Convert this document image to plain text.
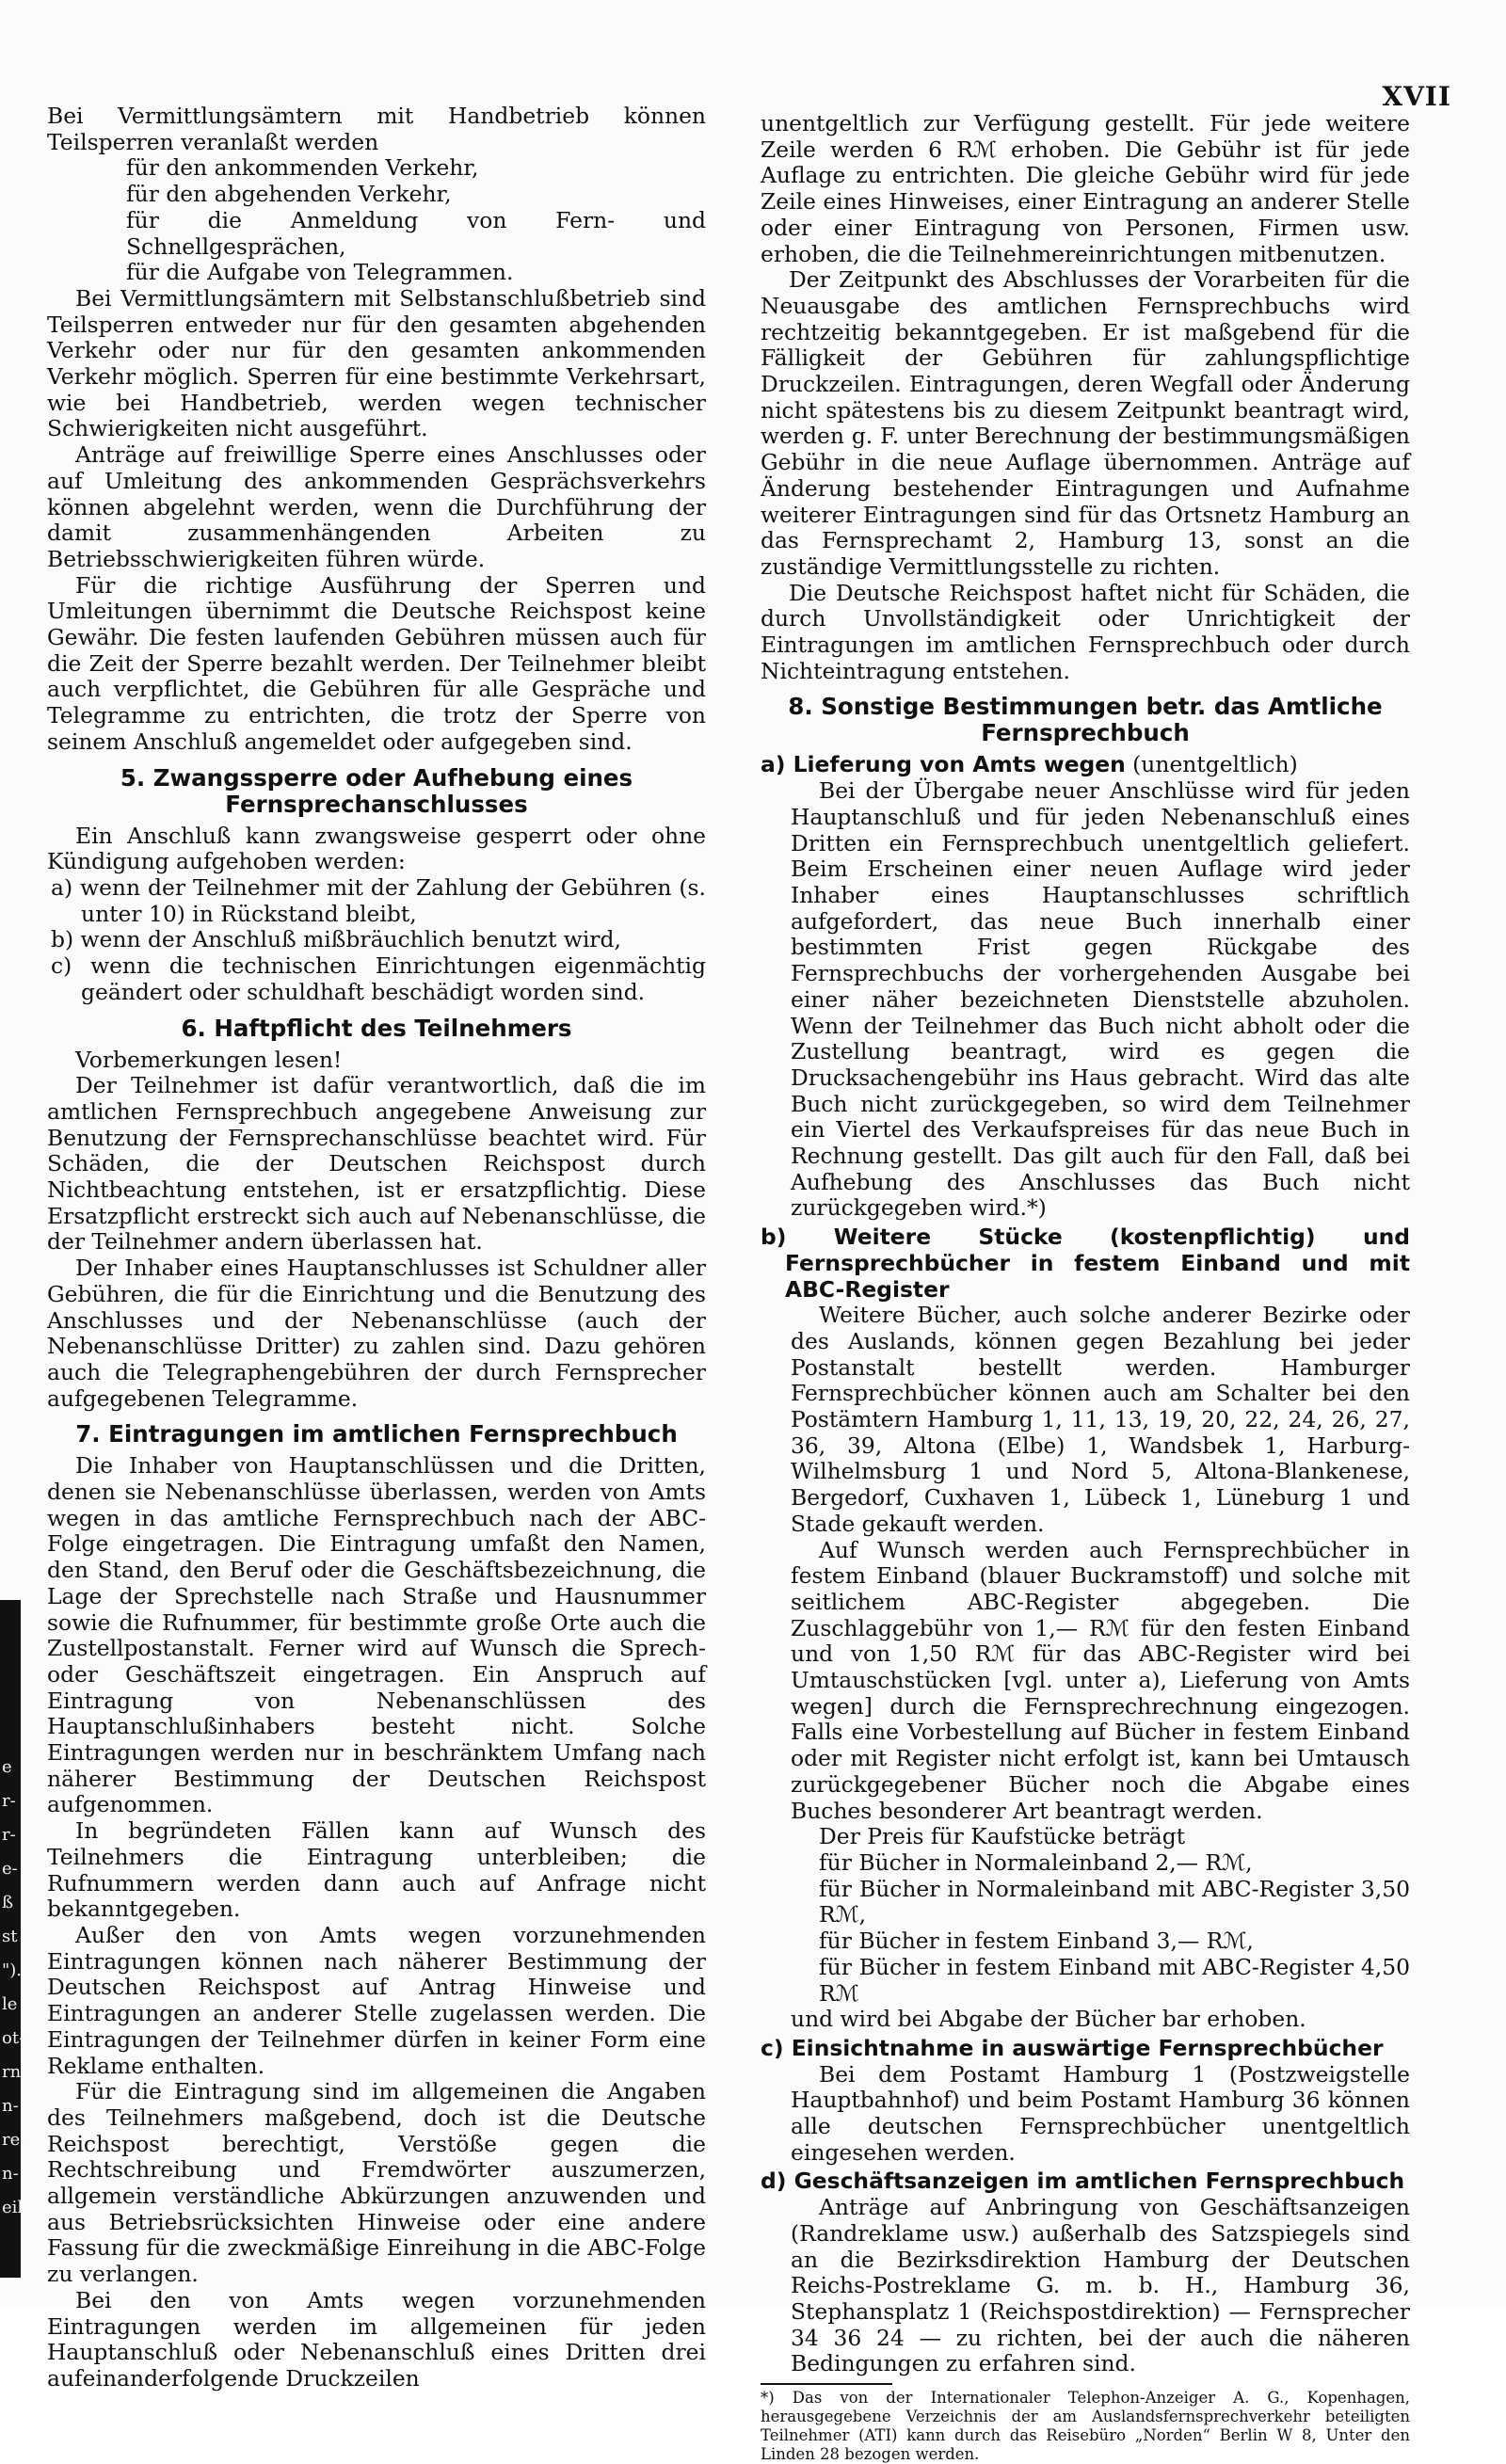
e
r-
r-
e-
ß
st
").
le
ot-
rn
n-
re-
n-
eil
XVII

Bei Vermittlungsämtern mit Handbetrieb können Teilsperren veranlaßt werden

für den ankommenden Verkehr,

für den abgehenden Verkehr,

für die Anmeldung von Fern- und Schnellgesprächen,

für die Aufgabe von Telegrammen.

Bei Vermittlungsämtern mit Selbstanschlußbetrieb sind Teilsperren entweder nur für den gesamten abgehenden Verkehr oder nur für den gesamten ankommenden Verkehr möglich. Sperren für eine bestimmte Verkehrsart, wie bei Handbetrieb, werden wegen technischer Schwierigkeiten nicht ausgeführt.

Anträge auf freiwillige Sperre eines Anschlusses oder auf Umleitung des ankommenden Gesprächsverkehrs können abgelehnt werden, wenn die Durchführung der damit zusammenhängenden Arbeiten zu Betriebsschwierigkeiten führen würde.

Für die richtige Ausführung der Sperren und Umleitungen übernimmt die Deutsche Reichspost keine Gewähr. Die festen laufenden Gebühren müssen auch für die Zeit der Sperre bezahlt werden. Der Teilnehmer bleibt auch verpflichtet, die Gebühren für alle Gespräche und Telegramme zu entrichten, die trotz der Sperre von seinem Anschluß angemeldet oder aufgegeben sind.

5. Zwangssperre oder Aufhebung eines Fernsprechanschlusses

Ein Anschluß kann zwangsweise gesperrt oder ohne Kündigung aufgehoben werden:

a) wenn der Teilnehmer mit der Zahlung der Gebühren (s. unter 10) in Rückstand bleibt,

b) wenn der Anschluß mißbräuchlich benutzt wird,

c) wenn die technischen Einrichtungen eigenmächtig geändert oder schuldhaft beschädigt worden sind.

6. Haftpflicht des Teilnehmers

Vorbemerkungen lesen!

Der Teilnehmer ist dafür verantwortlich, daß die im amtlichen Fernsprechbuch angegebene Anweisung zur Benutzung der Fernsprechanschlüsse beachtet wird. Für Schäden, die der Deutschen Reichspost durch Nichtbeachtung entstehen, ist er ersatzpflichtig. Diese Ersatzpflicht erstreckt sich auch auf Nebenanschlüsse, die der Teilnehmer andern überlassen hat.

Der Inhaber eines Hauptanschlusses ist Schuldner aller Gebühren, die für die Einrichtung und die Benutzung des Anschlusses und der Nebenanschlüsse (auch der Nebenanschlüsse Dritter) zu zahlen sind. Dazu gehören auch die Telegraphengebühren der durch Fernsprecher aufgegebenen Telegramme.

7. Eintragungen im amtlichen Fernsprechbuch

Die Inhaber von Hauptanschlüssen und die Dritten, denen sie Nebenanschlüsse überlassen, werden von Amts wegen in das amtliche Fernsprechbuch nach der ABC-Folge eingetragen. Die Eintragung umfaßt den Namen, den Stand, den Beruf oder die Geschäftsbezeichnung, die Lage der Sprechstelle nach Straße und Hausnummer sowie die Rufnummer, für bestimmte große Orte auch die Zustellpostanstalt. Ferner wird auf Wunsch die Sprech- oder Geschäftszeit eingetragen. Ein Anspruch auf Eintragung von Nebenanschlüssen des Hauptanschlußinhabers besteht nicht. Solche Eintragungen werden nur in beschränktem Umfang nach näherer Bestimmung der Deutschen Reichspost aufgenommen.

In begründeten Fällen kann auf Wunsch des Teilnehmers die Eintragung unterbleiben; die Rufnummern werden dann auch auf Anfrage nicht bekanntgegeben.

Außer den von Amts wegen vorzunehmenden Eintragungen können nach näherer Bestimmung der Deutschen Reichspost auf Antrag Hinweise und Eintragungen an anderer Stelle zugelassen werden. Die Eintragungen der Teilnehmer dürfen in keiner Form eine Reklame enthalten.

Für die Eintragung sind im allgemeinen die Angaben des Teilnehmers maßgebend, doch ist die Deutsche Reichspost berechtigt, Verstöße gegen die Rechtschreibung und Fremdwörter auszumerzen, allgemein verständliche Abkürzungen anzuwenden und aus Betriebsrücksichten Hinweise oder eine andere Fassung für die zweckmäßige Einreihung in die ABC-Folge zu verlangen.

Bei den von Amts wegen vorzunehmenden Eintragungen werden im allgemeinen für jeden Hauptanschluß oder Nebenanschluß eines Dritten drei aufeinanderfolgende Druckzeilen

unentgeltlich zur Verfügung gestellt. Für jede weitere Zeile werden 6 Rℳ erhoben. Die Gebühr ist für jede Auflage zu entrichten. Die gleiche Gebühr wird für jede Zeile eines Hinweises, einer Eintragung an anderer Stelle oder einer Eintragung von Personen, Firmen usw. erhoben, die die Teilnehmereinrichtungen mitbenutzen.

Der Zeitpunkt des Abschlusses der Vorarbeiten für die Neuausgabe des amtlichen Fernsprechbuchs wird rechtzeitig bekanntgegeben. Er ist maßgebend für die Fälligkeit der Gebühren für zahlungspflichtige Druckzeilen. Eintragungen, deren Wegfall oder Änderung nicht spätestens bis zu diesem Zeitpunkt beantragt wird, werden g. F. unter Berechnung der bestimmungsmäßigen Gebühr in die neue Auflage übernommen. Anträge auf Änderung bestehender Eintragungen und Aufnahme weiterer Eintragungen sind für das Ortsnetz Hamburg an das Fernsprechamt 2, Hamburg 13, sonst an die zuständige Vermittlungsstelle zu richten.

Die Deutsche Reichspost haftet nicht für Schäden, die durch Unvollständigkeit oder Unrichtigkeit der Eintragungen im amtlichen Fernsprechbuch oder durch Nichteintragung entstehen.

8. Sonstige Bestimmungen betr. das Amtliche Fernsprechbuch

a) Lieferung von Amts wegen (unentgeltlich)

Bei der Übergabe neuer Anschlüsse wird für jeden Hauptanschluß und für jeden Nebenanschluß eines Dritten ein Fernsprechbuch unentgeltlich geliefert. Beim Erscheinen einer neuen Auflage wird jeder Inhaber eines Hauptanschlusses schriftlich aufgefordert, das neue Buch innerhalb einer bestimmten Frist gegen Rückgabe des Fernsprechbuchs der vorhergehenden Ausgabe bei einer näher bezeichneten Dienststelle abzuholen. Wenn der Teilnehmer das Buch nicht abholt oder die Zustellung beantragt, wird es gegen die Drucksachengebühr ins Haus gebracht. Wird das alte Buch nicht zurückgegeben, so wird dem Teilnehmer ein Viertel des Verkaufspreises für das neue Buch in Rechnung gestellt. Das gilt auch für den Fall, daß bei Aufhebung des Anschlusses das Buch nicht zurückgegeben wird.*)

b) Weitere Stücke (kostenpflichtig) und Fernsprechbücher in festem Einband und mit ABC-Register

Weitere Bücher, auch solche anderer Bezirke oder des Auslands, können gegen Bezahlung bei jeder Postanstalt bestellt werden. Hamburger Fernsprechbücher können auch am Schalter bei den Postämtern Hamburg 1, 11, 13, 19, 20, 22, 24, 26, 27, 36, 39, Altona (Elbe) 1, Wandsbek 1, Harburg-Wilhelmsburg 1 und Nord 5, Altona-Blankenese, Bergedorf, Cuxhaven 1, Lübeck 1, Lüneburg 1 und Stade gekauft werden.

Auf Wunsch werden auch Fernsprechbücher in festem Einband (blauer Buckramstoff) und solche mit seitlichem ABC-Register abgegeben. Die Zuschlaggebühr von 1,— Rℳ für den festen Einband und von 1,50 Rℳ für das ABC-Register wird bei Umtauschstücken [vgl. unter a), Lieferung von Amts wegen] durch die Fernsprechrechnung eingezogen. Falls eine Vorbestellung auf Bücher in festem Einband oder mit Register nicht erfolgt ist, kann bei Umtausch zurückgegebener Bücher noch die Abgabe eines Buches besonderer Art beantragt werden.

Der Preis für Kaufstücke beträgt

für Bücher in Normaleinband 2,— Rℳ,

für Bücher in Normaleinband mit ABC-Register 3,50 Rℳ,

für Bücher in festem Einband 3,— Rℳ,

für Bücher in festem Einband mit ABC-Register 4,50 Rℳ

und wird bei Abgabe der Bücher bar erhoben.

c) Einsichtnahme in auswärtige Fernsprechbücher

Bei dem Postamt Hamburg 1 (Postzweigstelle Hauptbahnhof) und beim Postamt Hamburg 36 können alle deutschen Fernsprechbücher unentgeltlich eingesehen werden.

d) Geschäftsanzeigen im amtlichen Fernsprechbuch

Anträge auf Anbringung von Geschäftsanzeigen (Randreklame usw.) außerhalb des Satzspiegels sind an die Bezirksdirektion Hamburg der Deutschen Reichs-Postreklame G. m. b. H., Hamburg 36, Stephansplatz 1 (Reichspostdirektion) — Fernsprecher 34 36 24 — zu richten, bei der auch die näheren Bedingungen zu erfahren sind.

*) Das von der Internationaler Telephon-Anzeiger A. G., Kopenhagen, herausgegebene Verzeichnis der am Auslandsfernsprechverkehr beteiligten Teilnehmer (ATI) kann durch das Reisebüro „Norden“ Berlin W 8, Unter den Linden 28 bezogen werden.
